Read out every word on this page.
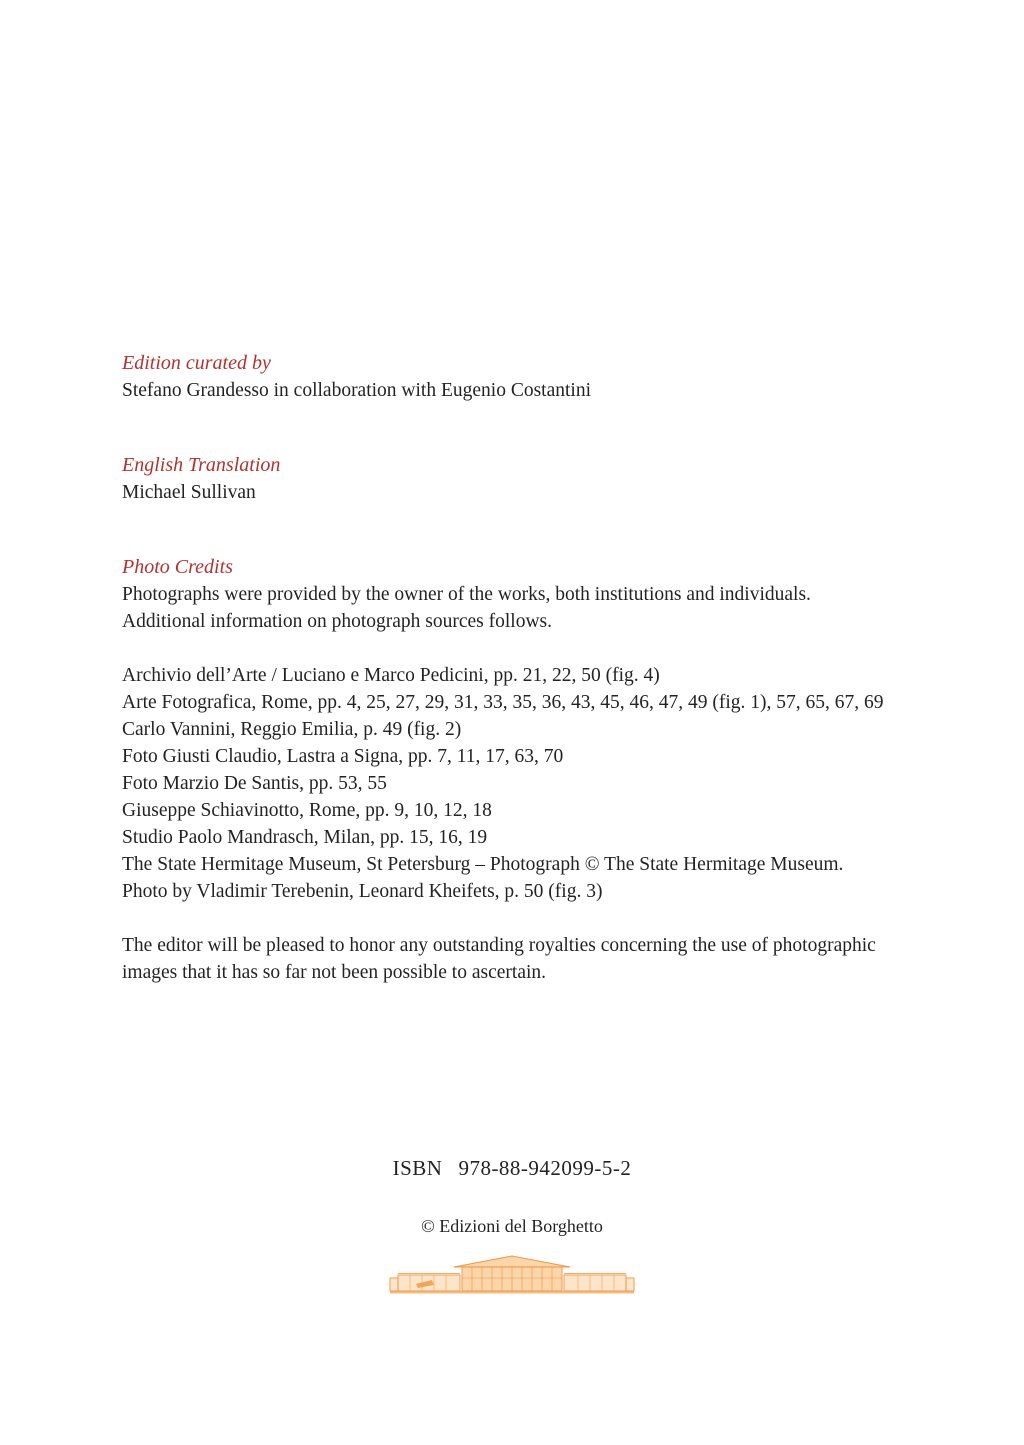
Edition curated by

Stefano Grandesso in collaboration with Eugenio Costantini

English Translation

Michael Sullivan

Photo Credits

Photographs were provided by the owner of the works, both institutions and individuals. Additional information on photograph sources follows.

Archivio dell’Arte / Luciano e Marco Pedicini, pp. 21, 22, 50 (fig. 4)

Arte Fotografica, Rome, pp. 4, 25, 27, 29, 31, 33, 35, 36, 43, 45, 46, 47, 49 (fig. 1), 57, 65, 67, 69

Carlo Vannini, Reggio Emilia, p. 49 (fig. 2)

Foto Giusti Claudio, Lastra a Signa, pp. 7, 11, 17, 63, 70

Foto Marzio De Santis, pp. 53, 55

Giuseppe Schiavinotto, Rome, pp. 9, 10, 12, 18

Studio Paolo Mandrasch, Milan, pp. 15, 16, 19

The State Hermitage Museum, St Petersburg – Photograph © The State Hermitage Museum. Photo by Vladimir Terebenin, Leonard Kheifets, p. 50 (fig. 3)

The editor will be pleased to honor any outstanding royalties concerning the use of photographic images that it has so far not been possible to ascertain.

ISBN 978-88-942099-5-2

© Edizioni del Borghetto
